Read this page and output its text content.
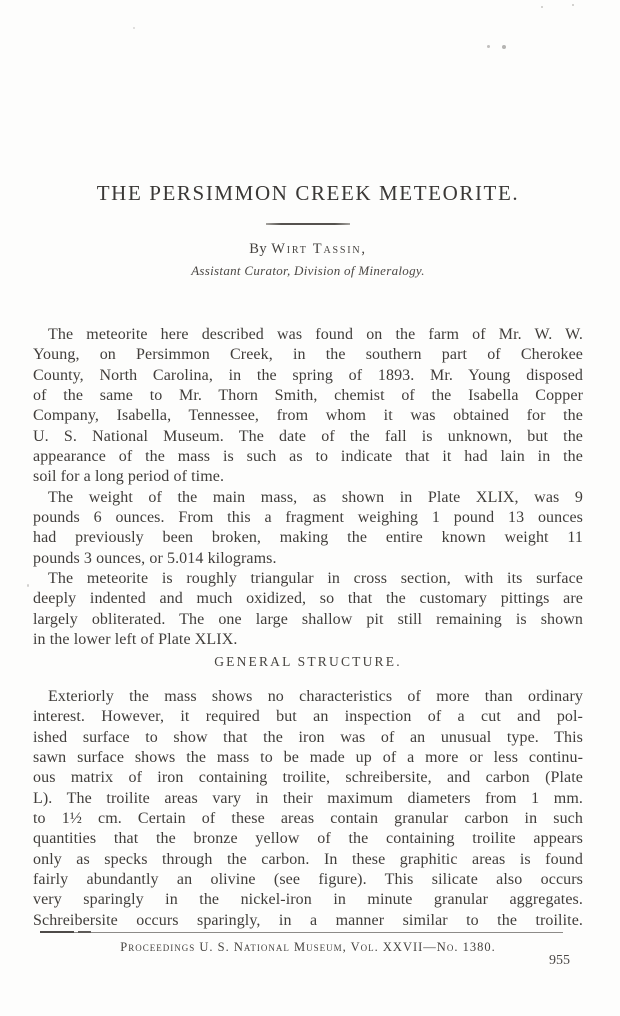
THE PERSIMMON CREEK METEORITE.
By Wirt Tassin,
Assistant Curator, Division of Mineralogy.
The meteorite here described was found on the farm of Mr. W. W.
Young, on Persimmon Creek, in the southern part of Cherokee
County, North Carolina, in the spring of 1893. Mr. Young disposed
of the same to Mr. Thorn Smith, chemist of the Isabella Copper
Company, Isabella, Tennessee, from whom it was obtained for the
U. S. National Museum. The date of the fall is unknown, but the
appearance of the mass is such as to indicate that it had lain in the
soil for a long period of time.
The weight of the main mass, as shown in Plate XLIX, was 9
pounds 6 ounces. From this a fragment weighing 1 pound 13 ounces
had previously been broken, making the entire known weight 11
pounds 3 ounces, or 5.014 kilograms.
The meteorite is roughly triangular in cross section, with its surface
deeply indented and much oxidized, so that the customary pittings are
largely obliterated. The one large shallow pit still remaining is shown
in the lower left of Plate XLIX.
GENERAL STRUCTURE.
Exteriorly the mass shows no characteristics of more than ordinary
interest. However, it required but an inspection of a cut and pol-
ished surface to show that the iron was of an unusual type. This
sawn surface shows the mass to be made up of a more or less continu-
ous matrix of iron containing troilite, schreibersite, and carbon (Plate
L). The troilite areas vary in their maximum diameters from 1 mm.
to 1½ cm. Certain of these areas contain granular carbon in such
quantities that the bronze yellow of the containing troilite appears
only as specks through the carbon. In these graphitic areas is found
fairly abundantly an olivine (see figure). This silicate also occurs
very sparingly in the nickel-iron in minute granular aggregates.
Schreibersite occurs sparingly, in a manner similar to the troilite.
Proceedings U. S. National Museum, Vol. XXVII—No. 1380.
955
